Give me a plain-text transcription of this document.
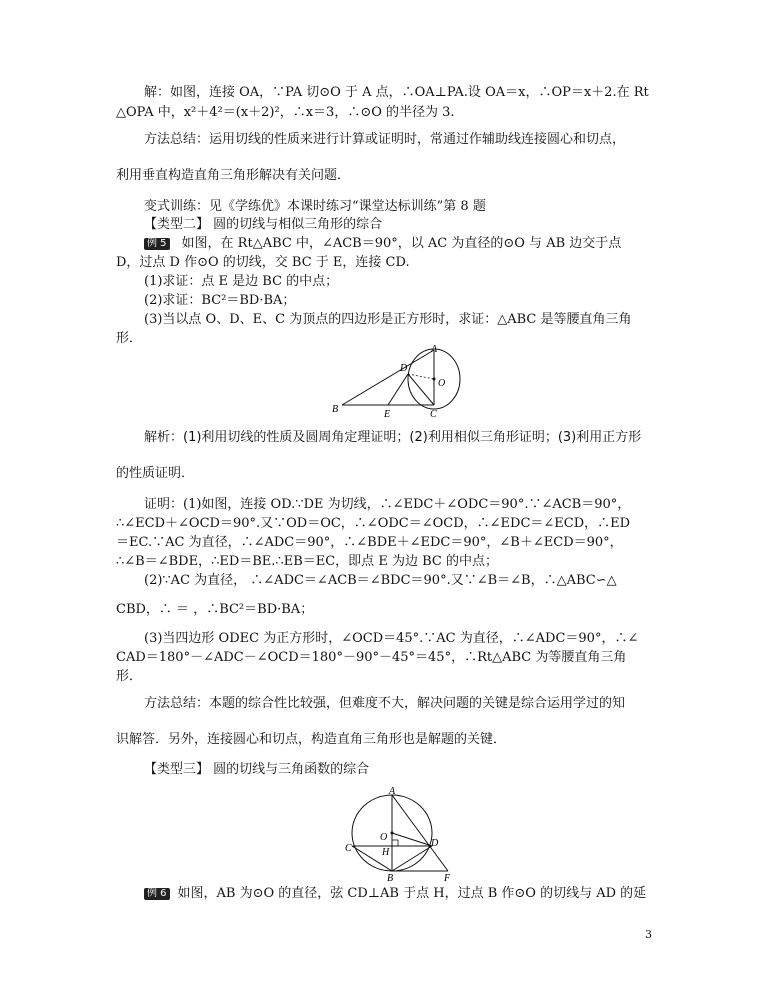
解：如图，连接 OA，∵PA 切⊙O 于 A 点，∴OA⊥PA.设 OA＝x，∴OP＝x＋2.在 Rt
△OPA 中，x²＋4²＝(x＋2)²，∴x＝3，∴⊙O 的半径为 3.
方法总结：运用切线的性质来进行计算或证明时，常通过作辅助线连接圆心和切点，
利用垂直构造直角三角形解决有关问题．
变式训练：见《学练优》本课时练习“课堂达标训练”第 8 题
【类型二】 圆的切线与相似三角形的综合
例 5 如图，在 Rt△ABC 中，∠ACB＝90°，以 AC 为直径的⊙O 与 AB 边交于点
D，过点 D 作⊙O 的切线，交 BC 于 E，连接 CD.
(1)求证：点 E 是边 BC 的中点；
(2)求证：BC²＝BD·BA；
(3)当以点 O、D、E、C 为顶点的四边形是正方形时，求证：△ABC 是等腰直角三角
形．
A
D
O
B	E	C
解析：(1)利用切线的性质及圆周角定理证明；(2)利用相似三角形证明；(3)利用正方形
的性质证明．
证明：(1)如图，连接 OD.∵DE 为切线，∴∠EDC＋∠ODC＝90°.∵∠ACB＝90°，
∴∠ECD＋∠OCD＝90°.又∵OD＝OC，∴∠ODC＝∠OCD，∴∠EDC＝∠ECD，∴ED
＝EC.∵AC 为直径，∴∠ADC＝90°，∴∠BDE＋∠EDC＝90°，∠B＋∠ECD＝90°，
∴∠B＝∠BDE，∴ED＝BE.∴EB＝EC，即点 E 为边 BC 的中点；
(2)∵AC 为直径， ∴∠ADC＝∠ACB＝∠BDC＝90°.又∵∠B＝∠B，∴△ABC∽△
CBD，∴ ＝ ，∴BC²＝BD·BA；
(3)当四边形 ODEC 为正方形时，∠OCD＝45°.∵AC 为直径，∴∠ADC＝90°，∴∠
CAD＝180°－∠ADC－∠OCD＝180°－90°－45°＝45°，∴Rt△ABC 为等腰直角三角
形．
方法总结：本题的综合性比较强，但难度不大，解决问题的关键是综合运用学过的知
识解答．另外，连接圆心和切点，构造直角三角形也是解题的关键．
【类型三】 圆的切线与三角函数的综合
A
O
C	H
D
B	F
例 6 如图，AB 为⊙O 的直径，弦 CD⊥AB 于点 H，过点 B 作⊙O 的切线与 AD 的延
3
